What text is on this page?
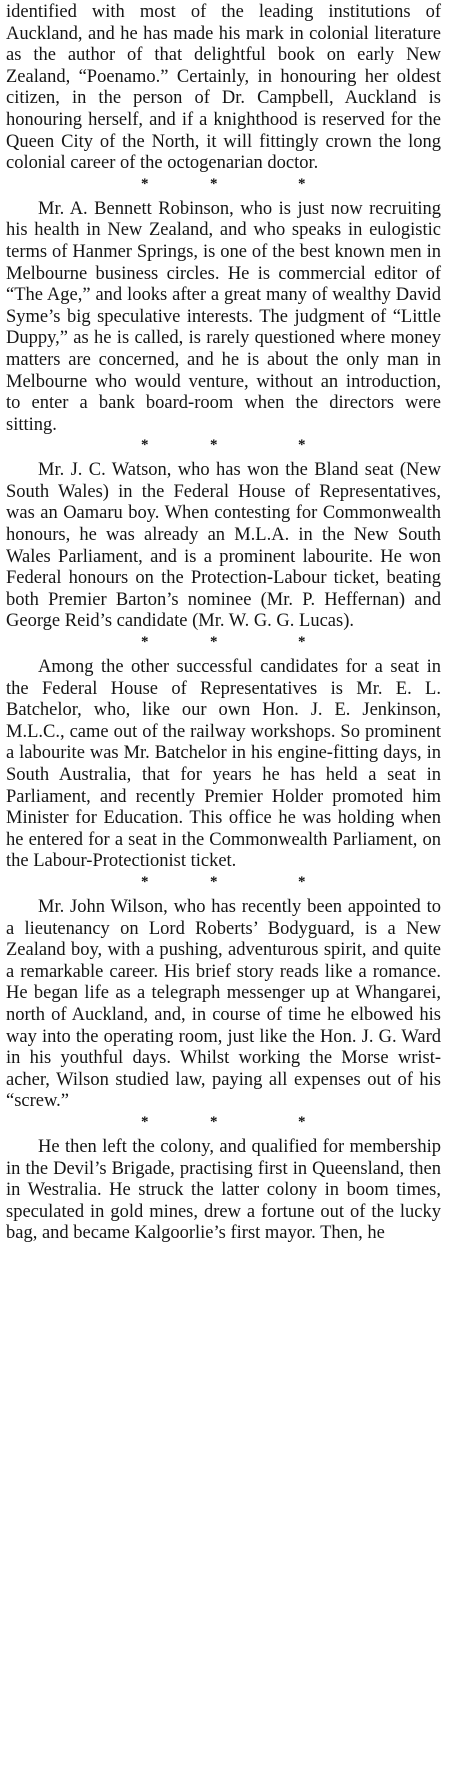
identified with most of the leading institutions of Auckland, and he has made his mark in colonial literature as the author of that delightful book on early New Zealand, “Poenamo.” Certainly, in honouring her oldest citizen, in the person of Dr. Campbell, Auckland is honouring herself, and if a knighthood is reserved for the Queen City of the North, it will fittingly crown the long colonial career of the octogenarian doctor.

*	*	*

Mr. A. Bennett Robinson, who is just now recruiting his health in New Zealand, and who speaks in eulogistic terms of Hanmer Springs, is one of the best known men in Melbourne business circles. He is commercial editor of “The Age,” and looks after a great many of wealthy David Syme’s big speculative interests. The judgment of “Little Duppy,” as he is called, is rarely questioned where money matters are concerned, and he is about the only man in Melbourne who would venture, without an introduction, to enter a bank board-room when the directors were sitting.

*	*	*

Mr. J. C. Watson, who has won the Bland seat (New South Wales) in the Federal House of Representatives, was an Oamaru boy. When contesting for Commonwealth honours, he was already an M.L.A. in the New South Wales Parliament, and is a prominent labourite. He won Federal honours on the Protection-Labour ticket, beating both Premier Barton’s nominee (Mr. P. Heffernan) and George Reid’s candidate (Mr. W. G. G. Lucas).

*	*	*

Among the other successful candidates for a seat in the Federal House of Representatives is Mr. E. L. Batchelor, who, like our own Hon. J. E. Jenkinson, M.L.C., came out of the railway workshops. So prominent a labourite was Mr. Batchelor in his engine-fitting days, in South Australia, that for years he has held a seat in Parliament, and recently Premier Holder promoted him Minister for Education. This office he was holding when he entered for a seat in the Commonwealth Parliament, on the Labour-Protectionist ticket.

*	*	*

Mr. John Wilson, who has recently been appointed to a lieutenancy on Lord Roberts’ Bodyguard, is a New Zealand boy, with a pushing, adventurous spirit, and quite a remarkable career. His brief story reads like a romance. He began life as a telegraph messenger up at Whangarei, north of Auckland, and, in course of time he elbowed his way into the operating room, just like the Hon. J. G. Ward in his youthful days. Whilst working the Morse wrist-acher, Wilson studied law, paying all expenses out of his “screw.”

*	*	*

He then left the colony, and qualified for membership in the Devil’s Brigade, practising first in Queensland, then in Westralia. He struck the latter colony in boom times, speculated in gold mines, drew a fortune out of the lucky bag, and became Kalgoorlie’s first mayor. Then, he
